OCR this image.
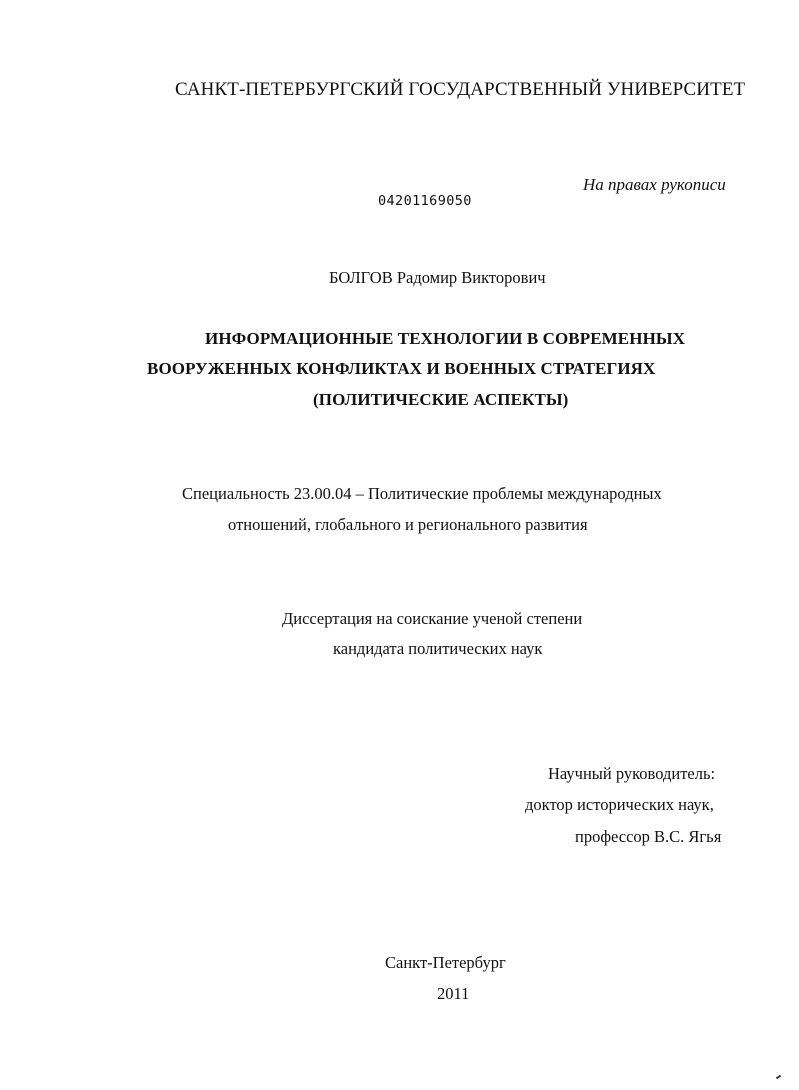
САНКТ-ПЕТЕРБУРГСКИЙ ГОСУДАРСТВЕННЫЙ УНИВЕРСИТЕТ
На правах рукописи
04201169050
БОЛГОВ Радомир Викторович
ИНФОРМАЦИОННЫЕ ТЕХНОЛОГИИ В СОВРЕМЕННЫХ
ВООРУЖЕННЫХ КОНФЛИКТАХ И ВОЕННЫХ СТРАТЕГИЯХ
(ПОЛИТИЧЕСКИЕ АСПЕКТЫ)
Специальность 23.00.04 – Политические проблемы международных
отношений, глобального и регионального развития
Диссертация на соискание ученой степени
кандидата политических наук
Научный руководитель:
доктор исторических наук,
профессор В.С. Ягья
Санкт-Петербург
2011
